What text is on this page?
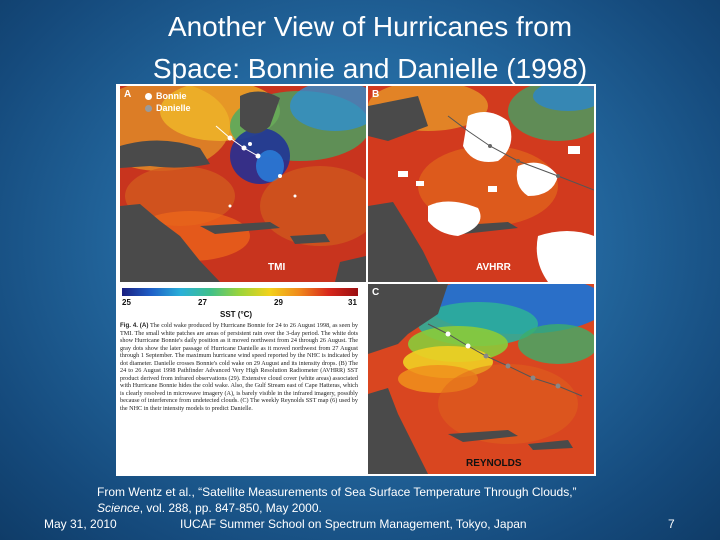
Another View of Hurricanes from
Space: Bonnie and Danielle (1998)
A	Bonnie
Danielle
TMI
B
AVHRR
25	27	29	31
SST (°C)
Fig. 4. (A) The cold wake produced by Hurricane Bonnie for 24 to 26 August 1998, as seen by TMI. The small white patches are areas of persistent rain over the 3-day period. The white dots show Hurricane Bonnie's daily position as it moved northwest from 24 through 26 August. The gray dots show the later passage of Hurricane Danielle as it moved northwest from 27 August through 1 September. The maximum hurricane wind speed reported by the NHC is indicated by dot diameter. Danielle crosses Bonnie's cold wake on 29 August and its intensity drops. (B) The 24 to 26 August 1998 Pathfinder Advanced Very High Resolution Radiometer (AVHRR) SST product derived from infrared observations (29). Extensive cloud cover (white areas) associated with Hurricane Bonnie hides the cold wake. Also, the Gulf Stream east of Cape Hatteras, which is clearly resolved in microwave imagery (A), is barely visible in the infrared imagery, possibly because of interference from undetected clouds. (C) The weekly Reynolds SST map (6) used by the NHC in their intensity models to predict Danielle.
C
REYNOLDS
From Wentz et al., “Satellite Measurements of Sea Surface Temperature Through Clouds,”
Science, vol. 288, pp. 847-850, May 2000.
May 31, 2010	IUCAF Summer School on Spectrum Management, Tokyo, Japan	7
